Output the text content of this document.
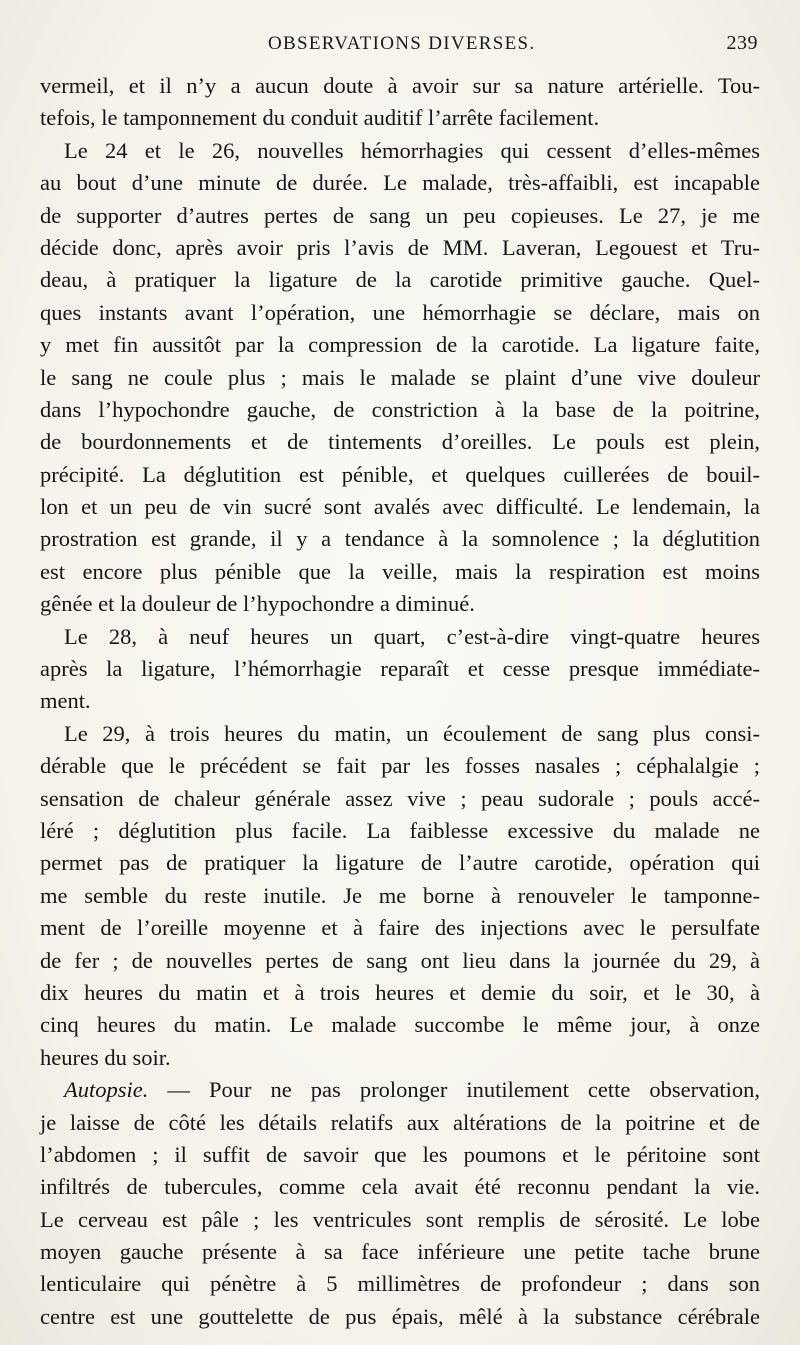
OBSERVATIONS DIVERSES.	239
vermeil, et il n’y a aucun doute à avoir sur sa nature artérielle. Tou-
tefois, le tamponnement du conduit auditif l’arrête facilement.
Le 24 et le 26, nouvelles hémorrhagies qui cessent d’elles-mêmes
au bout d’une minute de durée. Le malade, très-affaibli, est incapable
de supporter d’autres pertes de sang un peu copieuses. Le 27, je me
décide donc, après avoir pris l’avis de MM. Laveran, Legouest et Tru-
deau, à pratiquer la ligature de la carotide primitive gauche. Quel-
ques instants avant l’opération, une hémorrhagie se déclare, mais on
y met fin aussitôt par la compression de la carotide. La ligature faite,
le sang ne coule plus ; mais le malade se plaint d’une vive douleur
dans l’hypochondre gauche, de constriction à la base de la poitrine,
de bourdonnements et de tintements d’oreilles. Le pouls est plein,
précipité. La déglutition est pénible, et quelques cuillerées de bouil-
lon et un peu de vin sucré sont avalés avec difficulté. Le lendemain, la
prostration est grande, il y a tendance à la somnolence ; la déglutition
est encore plus pénible que la veille, mais la respiration est moins
gênée et la douleur de l’hypochondre a diminué.
Le 28, à neuf heures un quart, c’est-à-dire vingt-quatre heures
après la ligature, l’hémorrhagie reparaît et cesse presque immédiate-
ment.
Le 29, à trois heures du matin, un écoulement de sang plus consi-
dérable que le précédent se fait par les fosses nasales ; céphalalgie ;
sensation de chaleur générale assez vive ; peau sudorale ; pouls accé-
léré ; déglutition plus facile. La faiblesse excessive du malade ne
permet pas de pratiquer la ligature de l’autre carotide, opération qui
me semble du reste inutile. Je me borne à renouveler le tamponne-
ment de l’oreille moyenne et à faire des injections avec le persulfate
de fer ; de nouvelles pertes de sang ont lieu dans la journée du 29, à
dix heures du matin et à trois heures et demie du soir, et le 30, à
cinq heures du matin. Le malade succombe le même jour, à onze
heures du soir.
Autopsie. — Pour ne pas prolonger inutilement cette observation,
je laisse de côté les détails relatifs aux altérations de la poitrine et de
l’abdomen ; il suffit de savoir que les poumons et le péritoine sont
infiltrés de tubercules, comme cela avait été reconnu pendant la vie.
Le cerveau est pâle ; les ventricules sont remplis de sérosité. Le lobe
moyen gauche présente à sa face inférieure une petite tache brune
lenticulaire qui pénètre à 5 millimètres de profondeur ; dans son
centre est une gouttelette de pus épais, mêlé à la substance cérébrale
